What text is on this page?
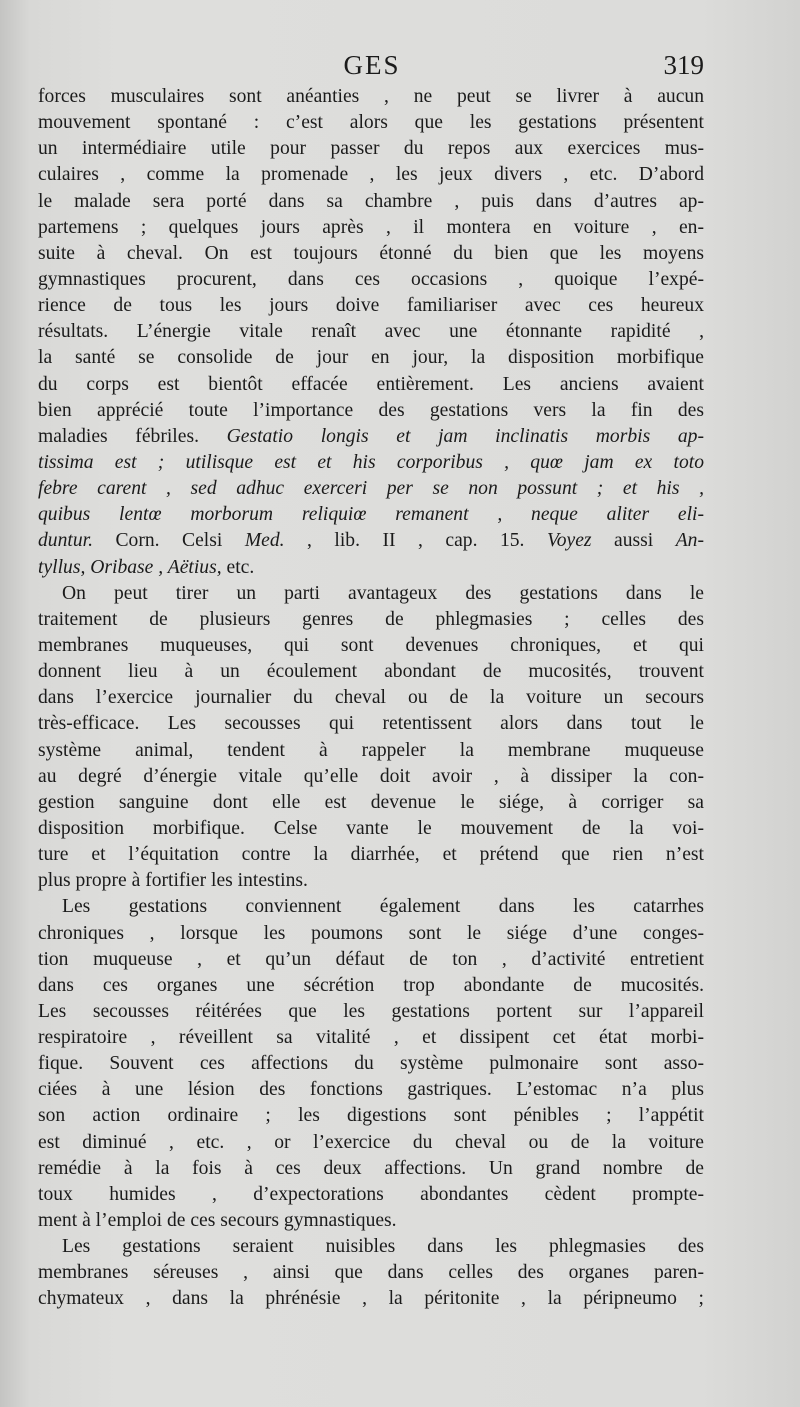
GES	319
forces musculaires sont anéanties , ne peut se livrer à aucun
mouvement spontané : c’est alors que les gestations présentent
un intermédiaire utile pour passer du repos aux exercices mus-
culaires , comme la promenade , les jeux divers , etc. D’abord
le malade sera porté dans sa chambre , puis dans d’autres ap-
partemens ; quelques jours après , il montera en voiture , en-
suite à cheval. On est toujours étonné du bien que les moyens
gymnastiques procurent, dans ces occasions , quoique l’expé-
rience de tous les jours doive familiariser avec ces heureux
résultats. L’énergie vitale renaît avec une étonnante rapidité ,
la santé se consolide de jour en jour, la disposition morbifique
du corps est bientôt effacée entièrement. Les anciens avaient
bien apprécié toute l’importance des gestations vers la fin des
maladies fébriles. Gestatio longis et jam inclinatis morbis ap-
tissima est ; utilisque est et his corporibus , quœ jam ex toto
febre carent , sed adhuc exerceri per se non possunt ; et his ,
quibus lentœ morborum reliquiœ remanent , neque aliter eli-
duntur. Corn. Celsi Med. , lib. II , cap. 15. Voyez aussi An-
tyllus, Oribase , Aëtius, etc.
On peut tirer un parti avantageux des gestations dans le
traitement de plusieurs genres de phlegmasies ; celles des
membranes muqueuses, qui sont devenues chroniques, et qui
donnent lieu à un écoulement abondant de mucosités, trouvent
dans l’exercice journalier du cheval ou de la voiture un secours
très-efficace. Les secousses qui retentissent alors dans tout le
système animal, tendent à rappeler la membrane muqueuse
au degré d’énergie vitale qu’elle doit avoir , à dissiper la con-
gestion sanguine dont elle est devenue le siége, à corriger sa
disposition morbifique. Celse vante le mouvement de la voi-
ture et l’équitation contre la diarrhée, et prétend que rien n’est
plus propre à fortifier les intestins.
Les gestations conviennent également dans les catarrhes
chroniques , lorsque les poumons sont le siége d’une conges-
tion muqueuse , et qu’un défaut de ton , d’activité entretient
dans ces organes une sécrétion trop abondante de mucosités.
Les secousses réitérées que les gestations portent sur l’appareil
respiratoire , réveillent sa vitalité , et dissipent cet état morbi-
fique. Souvent ces affections du système pulmonaire sont asso-
ciées à une lésion des fonctions gastriques. L’estomac n’a plus
son action ordinaire ; les digestions sont pénibles ; l’appétit
est diminué , etc. , or l’exercice du cheval ou de la voiture
remédie à la fois à ces deux affections. Un grand nombre de
toux humides , d’expectorations abondantes cèdent prompte-
ment à l’emploi de ces secours gymnastiques.
Les gestations seraient nuisibles dans les phlegmasies des
membranes séreuses , ainsi que dans celles des organes paren-
chymateux , dans la phrénésie , la péritonite , la péripneumo ;
